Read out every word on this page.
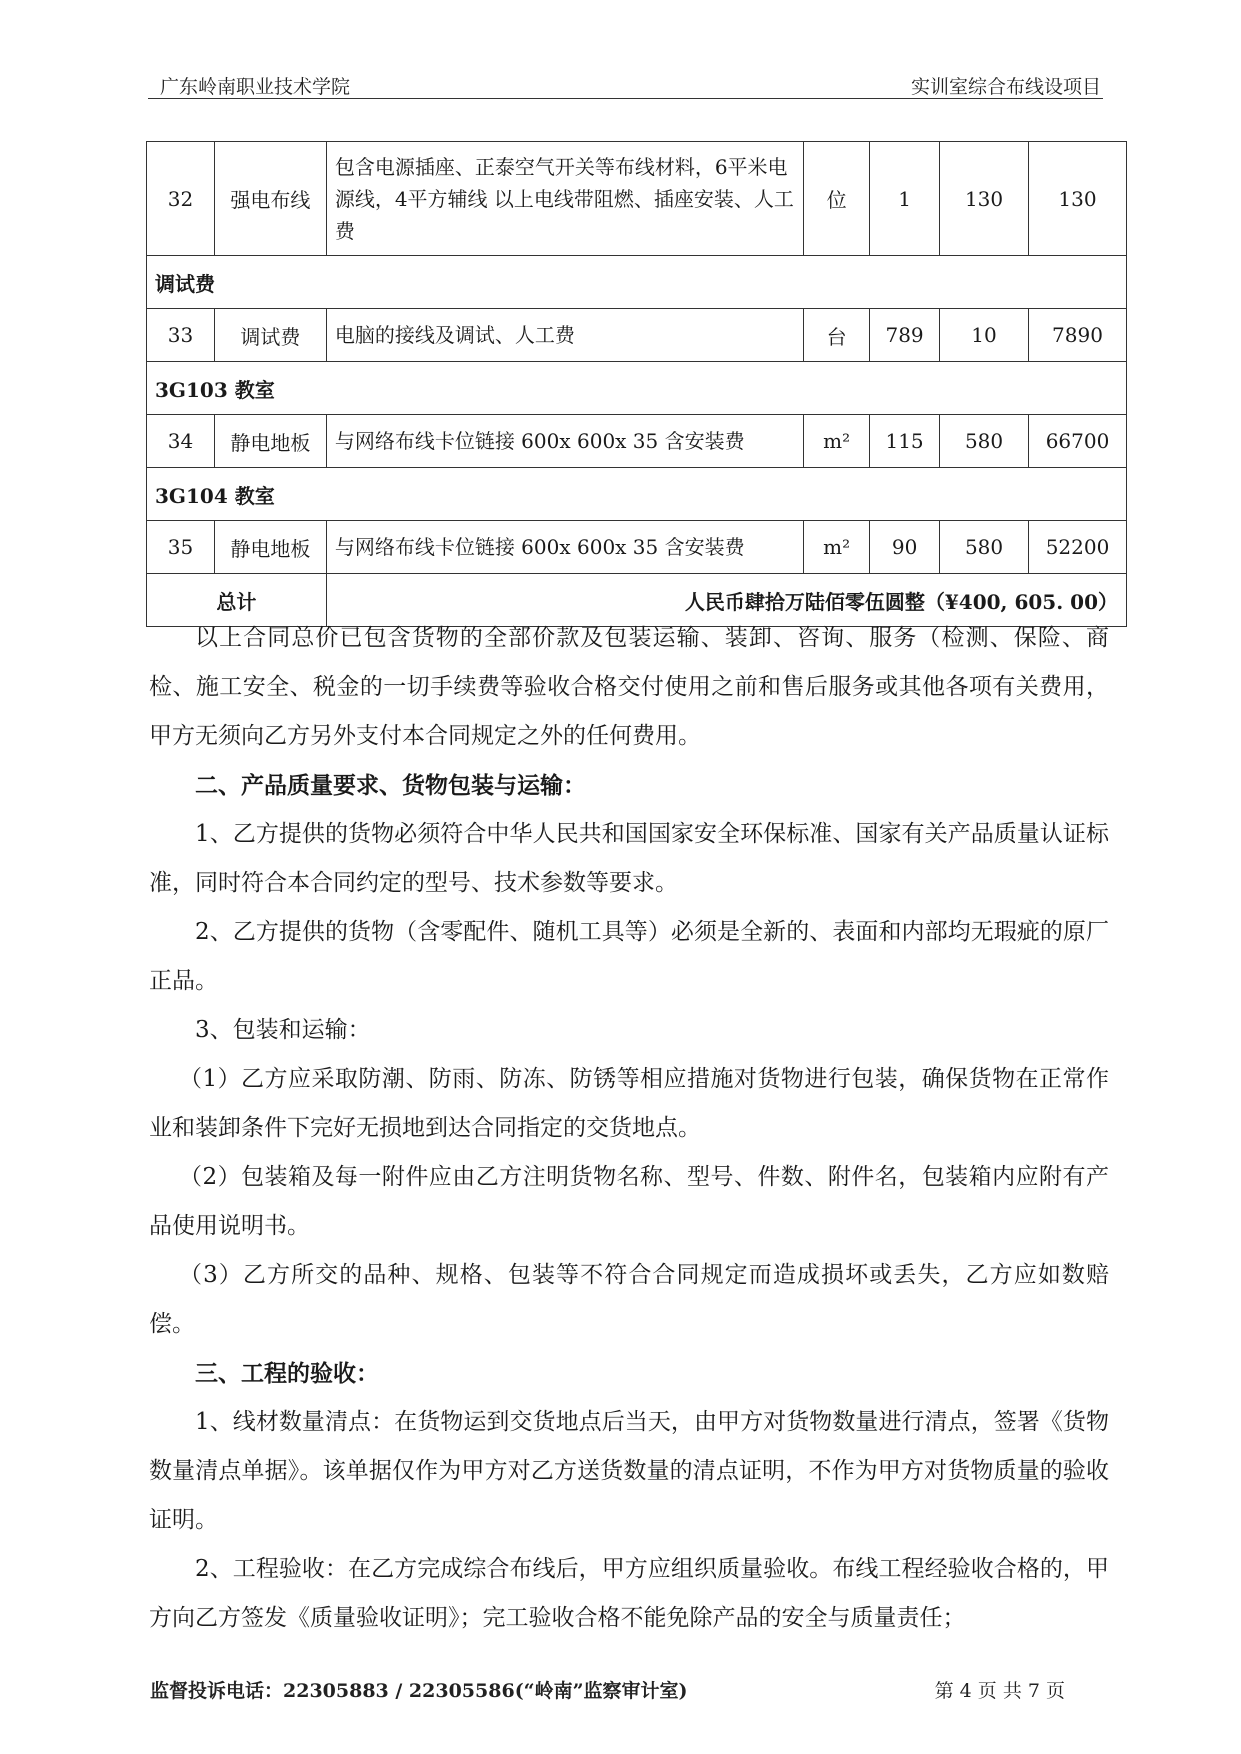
广东岭南职业技术学院	实训室综合布线设项目
32	强电布线	包含电源插座、正泰空气开关等布线材料，6平米电源线，4平方辅线 以上电线带阻燃、插座安装、人工费	位	1	130	130
调试费						
33	调试费	电脑的接线及调试、人工费	台	789	10	7890
3G103 教室						
34	静电地板	与网络布线卡位链接 600x 600x 35 含安装费	m²	115	580	66700
3G104 教室						
35	静电地板	与网络布线卡位链接 600x 600x 35 含安装费	m²	90	580	52200
总计		人民币肆拾万陆佰零伍圆整（¥400, 605. 00）				

以上合同总价已包含货物的全部价款及包装运输、装卸、咨询、服务（检测、保险、商检、施工安全、税金的一切手续费等验收合格交付使用之前和售后服务或其他各项有关费用，甲方无须向乙方另外支付本合同规定之外的任何费用。

二、产品质量要求、货物包装与运输：

1、乙方提供的货物必须符合中华人民共和国国家安全环保标准、国家有关产品质量认证标准，同时符合本合同约定的型号、技术参数等要求。

2、乙方提供的货物（含零配件、随机工具等）必须是全新的、表面和内部均无瑕疵的原厂正品。

3、包装和运输：

（1）乙方应采取防潮、防雨、防冻、防锈等相应措施对货物进行包装，确保货物在正常作业和装卸条件下完好无损地到达合同指定的交货地点。

（2）包装箱及每一附件应由乙方注明货物名称、型号、件数、附件名，包装箱内应附有产品使用说明书。

（3）乙方所交的品种、规格、包装等不符合合同规定而造成损坏或丢失，乙方应如数赔偿。

三、工程的验收：

1、线材数量清点：在货物运到交货地点后当天，由甲方对货物数量进行清点，签署《货物数量清点单据》。该单据仅作为甲方对乙方送货数量的清点证明，不作为甲方对货物质量的验收证明。

2、工程验收：在乙方完成综合布线后，甲方应组织质量验收。布线工程经验收合格的，甲方向乙方签发《质量验收证明》；完工验收合格不能免除产品的安全与质量责任；

监督投诉电话：22305883 / 22305586(“岭南”监察审计室)	第 4 页 共 7 页
